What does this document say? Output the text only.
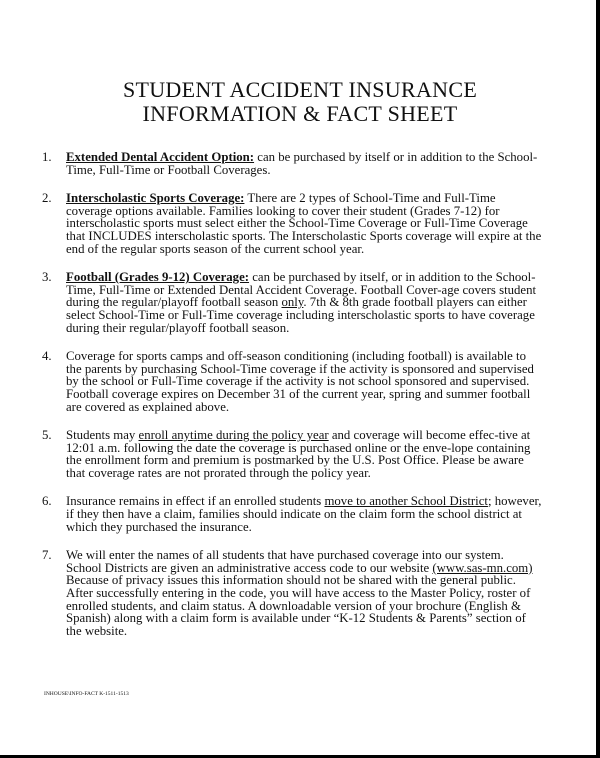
STUDENT ACCIDENT INSURANCE
INFORMATION & FACT SHEET
1. Extended Dental Accident Option: can be purchased by itself or in addition to the School-Time, Full-Time or Football Coverages.
2. Interscholastic Sports Coverage: There are 2 types of School-Time and Full-Time coverage options available. Families looking to cover their student (Grades 7-12) for interscholastic sports must select either the School-Time Coverage or Full-Time Coverage that INCLUDES interscholastic sports. The Interscholastic Sports coverage will expire at the end of the regular sports season of the current school year.
3. Football (Grades 9-12) Coverage: can be purchased by itself, or in addition to the School-Time, Full-Time or Extended Dental Accident Coverage. Football Cover-age covers student during the regular/playoff football season only. 7th & 8th grade football players can either select School-Time or Full-Time coverage including interscholastic sports to have coverage during their regular/playoff football season.
4. Coverage for sports camps and off-season conditioning (including football) is available to the parents by purchasing School-Time coverage if the activity is sponsored and supervised by the school or Full-Time coverage if the activity is not school sponsored and supervised. Football coverage expires on December 31 of the current year, spring and summer football are covered as explained above.
5. Students may enroll anytime during the policy year and coverage will become effec-tive at 12:01 a.m. following the date the coverage is purchased online or the enve-lope containing the enrollment form and premium is postmarked by the U.S. Post Office. Please be aware that coverage rates are not prorated through the policy year.
6. Insurance remains in effect if an enrolled students move to another School District; however, if they then have a claim, families should indicate on the claim form the school district at which they purchased the insurance.
7. We will enter the names of all students that have purchased coverage into our system. School Districts are given an administrative access code to our website (www.sas-mn.com) Because of privacy issues this information should not be shared with the general public. After successfully entering in the code, you will have access to the Master Policy, roster of enrolled students, and claim status. A downloadable version of your brochure (English & Spanish) along with a claim form is available under “K-12 Students & Parents” section of the website.
INHOUSE\INFO-FACT K-1511-1513
